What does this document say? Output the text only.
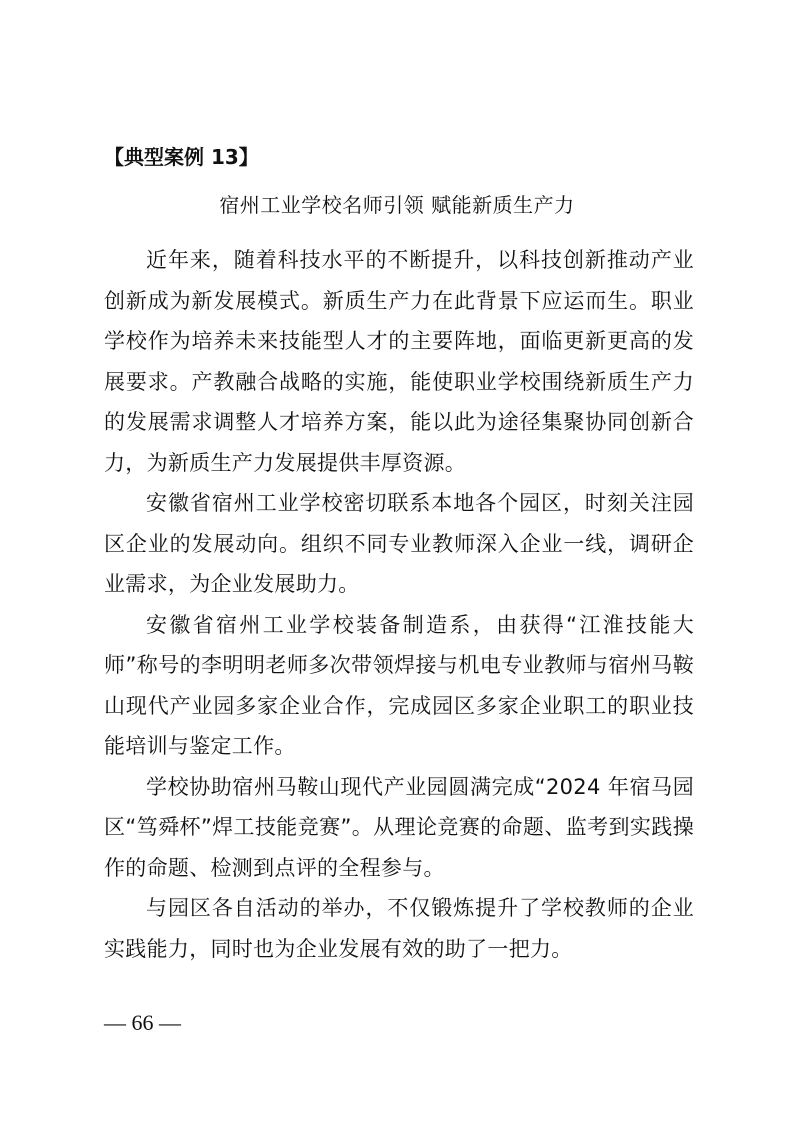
【典型案例 13】
宿州工业学校名师引领 赋能新质生产力

近年来，随着科技水平的不断提升，以科技创新推动产业创新成为新发展模式。新质生产力在此背景下应运而生。职业学校作为培养未来技能型人才的主要阵地，面临更新更高的发展要求。产教融合战略的实施，能使职业学校围绕新质生产力的发展需求调整人才培养方案，能以此为途径集聚协同创新合力，为新质生产力发展提供丰厚资源。

安徽省宿州工业学校密切联系本地各个园区，时刻关注园区企业的发展动向。组织不同专业教师深入企业一线，调研企业需求，为企业发展助力。

安徽省宿州工业学校装备制造系，由获得“江淮技能大师”称号的李明明老师多次带领焊接与机电专业教师与宿州马鞍山现代产业园多家企业合作，完成园区多家企业职工的职业技能培训与鉴定工作。

学校协助宿州马鞍山现代产业园圆满完成“2024 年宿马园区“笃舜杯”焊工技能竞赛”。从理论竞赛的命题、监考到实践操作的命题、检测到点评的全程参与。

与园区各自活动的举办，不仅锻炼提升了学校教师的企业实践能力，同时也为企业发展有效的助了一把力。

— 66 —
